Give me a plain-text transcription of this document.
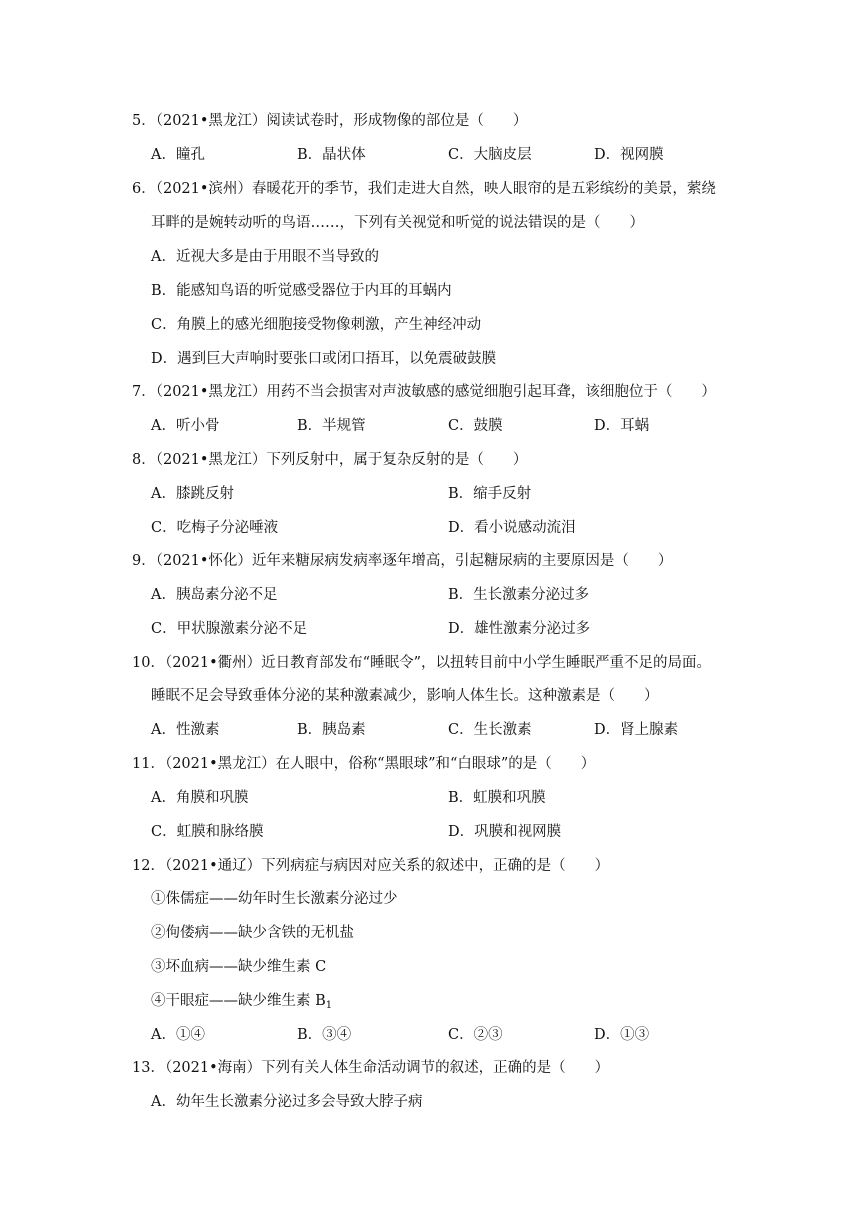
5．（2021•黑龙江）阅读试卷时，形成物像的部位是（　　）
A．瞳孔	B．晶状体	C．大脑皮层	D．视网膜
6．（2021•滨州）春暖花开的季节，我们走进大自然，映人眼帘的是五彩缤纷的美景，萦绕
耳畔的是婉转动听的鸟语……，下列有关视觉和听觉的说法错误的是（　　）
A．近视大多是由于用眼不当导致的
B．能感知鸟语的听觉感受器位于内耳的耳蜗内
C．角膜上的感光细胞接受物像刺激，产生神经冲动
D．遇到巨大声响时要张口或闭口捂耳，以免震破鼓膜
7．（2021•黑龙江）用药不当会损害对声波敏感的感觉细胞引起耳聋，该细胞位于（　　）
A．听小骨	B．半规管	C．鼓膜	D．耳蜗
8．（2021•黑龙江）下列反射中，属于复杂反射的是（　　）
A．膝跳反射	B．缩手反射
C．吃梅子分泌唾液	D．看小说感动流泪
9．（2021•怀化）近年来糖尿病发病率逐年增高，引起糖尿病的主要原因是（　　）
A．胰岛素分泌不足	B．生长激素分泌过多
C．甲状腺激素分泌不足	D．雄性激素分泌过多
10．（2021•衢州）近日教育部发布“睡眠令”，以扭转目前中小学生睡眠严重不足的局面。
睡眠不足会导致垂体分泌的某种激素减少，影响人体生长。这种激素是（　　）
A．性激素	B．胰岛素	C．生长激素	D．肾上腺素
11．（2021•黑龙江）在人眼中，俗称“黑眼球”和“白眼球”的是（　　）
A．角膜和巩膜	B．虹膜和巩膜
C．虹膜和脉络膜	D．巩膜和视网膜
12．（2021•通辽）下列病症与病因对应关系的叙述中，正确的是（　　）
①侏儒症——幼年时生长激素分泌过少
②佝偻病——缺少含铁的无机盐
③坏血病——缺少维生素 C
④干眼症——缺少维生素 $B_1$
A．①④	B．③④	C．②③	D．①③
13．（2021•海南）下列有关人体生命活动调节的叙述，正确的是（　　）
A．幼年生长激素分泌过多会导致大脖子病
